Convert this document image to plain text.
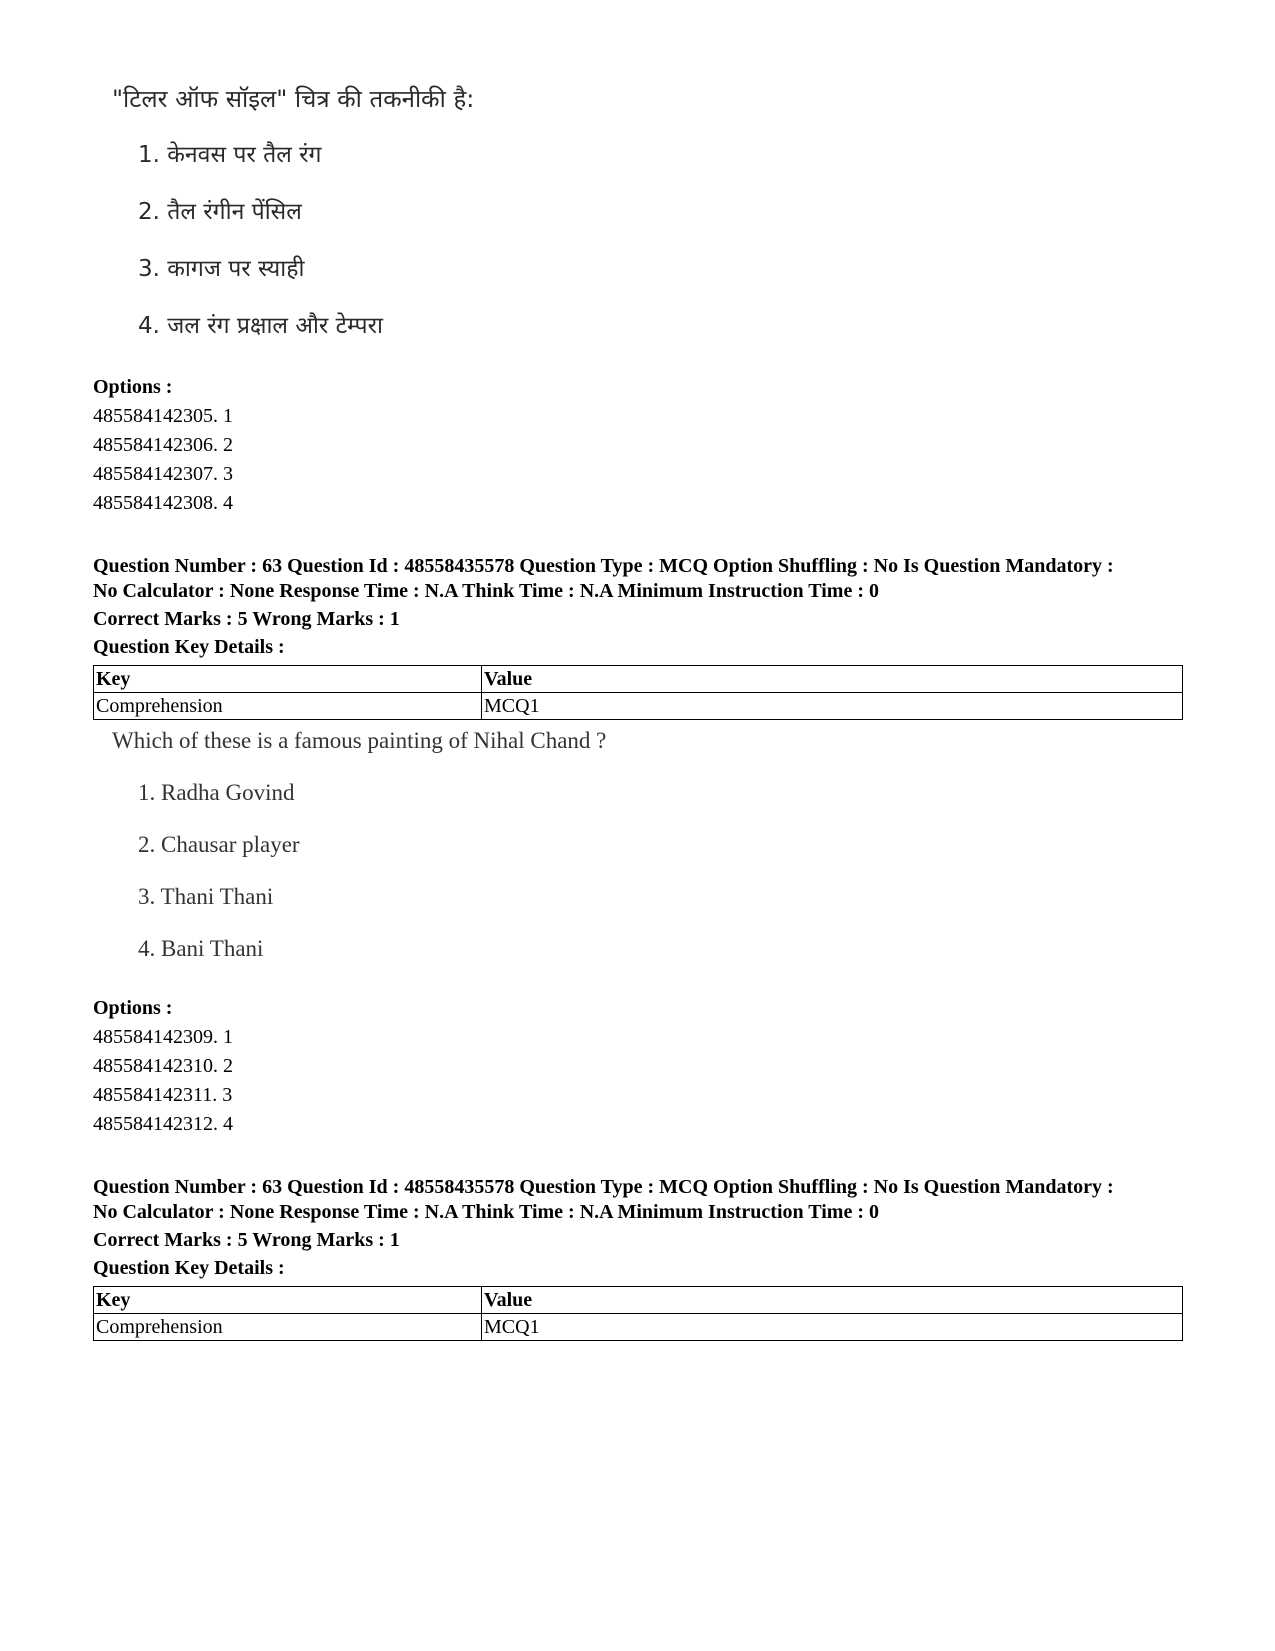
"टिलर ऑफ सॉइल" चित्र की तकनीकी है:

1. केनवस पर तैल रंग

2. तैल रंगीन पेंसिल

3. कागज पर स्याही

4. जल रंग प्रक्षाल और टेम्परा

Options :
485584142305. 1
485584142306. 2
485584142307. 3
485584142308. 4
Question Number : 63 Question Id : 48558435578 Question Type : MCQ Option Shuffling : No Is Question Mandatory :
No Calculator : None Response Time : N.A Think Time : N.A Minimum Instruction Time : 0
Correct Marks : 5 Wrong Marks : 1
Question Key Details :
Key	Value
Comprehension	MCQ1

Which of these is a famous painting of Nihal Chand ?

1. Radha Govind

2. Chausar player

3. Thani Thani

4. Bani Thani

Options :
485584142309. 1
485584142310. 2
485584142311. 3
485584142312. 4
Question Number : 63 Question Id : 48558435578 Question Type : MCQ Option Shuffling : No Is Question Mandatory :
No Calculator : None Response Time : N.A Think Time : N.A Minimum Instruction Time : 0
Correct Marks : 5 Wrong Marks : 1
Question Key Details :
Key	Value
Comprehension	MCQ1
